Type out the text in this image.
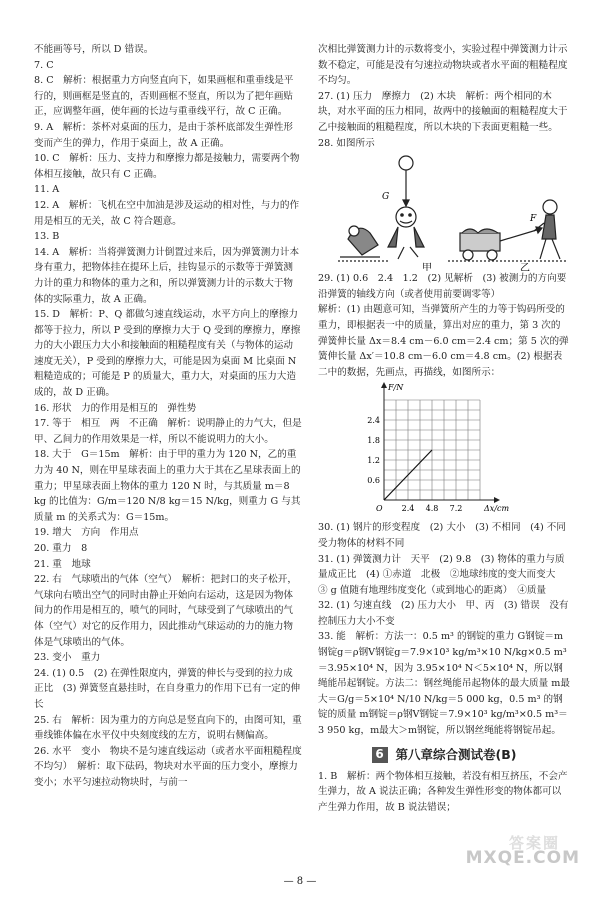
不能画等号，所以 D 错误。

7. C

8. C　解析：根据重力方向竖直向下，如果画框和重垂线是平行的，则画框是竖直的，否则画框不竖直，所以为了把年画贴正，应调整年画，使年画的长边与重垂线平行，故 C 正确。

9. A　解析：茶杯对桌面的压力，是由于茶杯底部发生弹性形变而产生的弹力，作用于桌面上，故 A 正确。

10. C　解析：压力、支持力和摩擦力都是接触力，需要两个物体相互接触，故只有 C 正确。

11. A

12. A　解析：飞机在空中加油是涉及运动的相对性，与力的作用是相互的无关，故 C 符合题意。

13. B

14. A　解析：当将弹簧测力计倒置过来后，因为弹簧测力计本身有重力，把物体挂在提环上后，挂钩显示的示数等于弹簧测力计的重力和物体的重力之和，所以弹簧测力计的示数大于物体的实际重力，故 A 正确。

15. D　解析：P、Q 都做匀速直线运动，水平方向上的摩擦力都等于拉力，所以 P 受到的摩擦力大于 Q 受到的摩擦力，摩擦力的大小跟压力大小和接触面的粗糙程度有关（与物体的运动速度无关），P 受到的摩擦力大，可能是因为桌面 M 比桌面 N 粗糙造成的；可能是 P 的质量大，重力大，对桌面的压力大造成的，故 D 正确。

16. 形状　力的作用是相互的　弹性势

17. 等于　相互　两　不正确　解析：说明静止的力气大，但是甲、乙间力的作用效果是一样，所以不能说明力的大小。

18. 大于　G＝15m　解析：由于甲的重力为 120 N，乙的重力为 40 N，则在甲星球表面上的重力大于其在乙星球表面上的重力；甲星球表面上物体的重力 120 N 时，与其质量 m＝8 kg 的比值为：G/m＝120 N/8 kg＝15 N/kg，则重力 G 与其质量 m 的关系式为：G＝15m。

19. 增大　方向　作用点

20. 重力　8

21. 重　地球

22. 右　气球喷出的气体（空气）　解析：把封口的夹子松开，气球向右喷出空气的同时由静止开始向右运动，这是因为物体间力的作用是相互的，喷气的同时，气球受到了气球喷出的气体（空气）对它的反作用力，因此推动气球运动的力的施力物体是气球喷出的气体。

23. 变小　重力

24. (1) 0.5　(2) 在弹性限度内，弹簧的伸长与受到的拉力成正比　(3) 弹簧竖直悬挂时，在自身重力的作用下已有一定的伸长

25. 右　解析：因为重力的方向总是竖直向下的，由图可知，重垂线锥体偏在水平仪中央刻度线的左方，说明右侧偏高。

26. 水平　变小　物块不是匀速直线运动（或者水平面粗糙程度不均匀）　解析：取下砝码，物块对水平面的压力变小，摩擦力变小；水平匀速拉动物块时，与前一

次相比弹簧测力计的示数将变小，实验过程中弹簧测力计示数不稳定，可能是没有匀速拉动物块或者水平面的粗糙程度不均匀。

27. (1) 压力　摩擦力　(2) 木块　解析：两个相同的木块，对水平面的压力相同，故两中的接触面的粗糙程度大于乙中接触面的粗糙程度，所以木块的下表面更粗糙一些。

28. 如图所示

G
甲
F
乙

29. (1) 0.6　2.4　1.2　(2) 见解析　(3) 被测力的方向要沿弹簧的轴线方向（或者使用前要调零等）

解析：(1) 由题意可知，当弹簧所产生的力等于钩码所受的重力，即根据表一中的质量，算出对应的重力，第 3 次的弹簧伸长量 Δx＝8.4 cm－6.0 cm＝2.4 cm；第 5 次的弹簧伸长量 Δx′＝10.8 cm－6.0 cm＝4.8 cm。(2) 根据表二中的数据，先画点，再描线，如图所示：

2.4 4.8 7.2
0.6
1.2
1.8
2.4
O
F/N
Δx/cm

30. (1) 钢片的形变程度　(2) 大小　(3) 不相同　(4) 不同　受力物体的材料不同

31. (1) 弹簧测力计　天平　(2) 9.8　(3) 物体的重力与质量成正比　(4) ①赤道　北极　②地球纬度的变大而变大　③ g 值随有地理纬度变化（或到地心的距离）　④质量

32. (1) 匀速直线　(2) 压力大小　甲、丙　(3) 错误　没有控制压力大小不变

33. 能　解析：方法一：0.5 m³ 的钢锭的重力 G钢锭＝m钢锭g＝ρ钢V钢锭g＝7.9×10³ kg/m³×10 N/kg×0.5 m³＝3.95×10⁴ N，因为 3.95×10⁴ N＜5×10⁴ N，所以钢绳能吊起钢锭。方法二：钢丝绳能吊起物体的最大质量 m最大＝G/g＝5×10⁴ N/10 N/kg＝5 000 kg，0.5 m³ 的钢锭的质量 m钢锭＝ρ钢V钢锭＝7.9×10³ kg/m³×0.5 m³＝3 950 kg，m最大＞m钢锭，所以钢丝绳能将钢锭吊起。

6 第八章综合测试卷(B)

1. B　解析：两个物体相互接触，若没有相互挤压，不会产生弹力，故 A 说法正确；各种发生弹性形变的物体都可以产生弹力作用，故 B 说法错误；

答案圈
MXQE.COM
— 8 —
